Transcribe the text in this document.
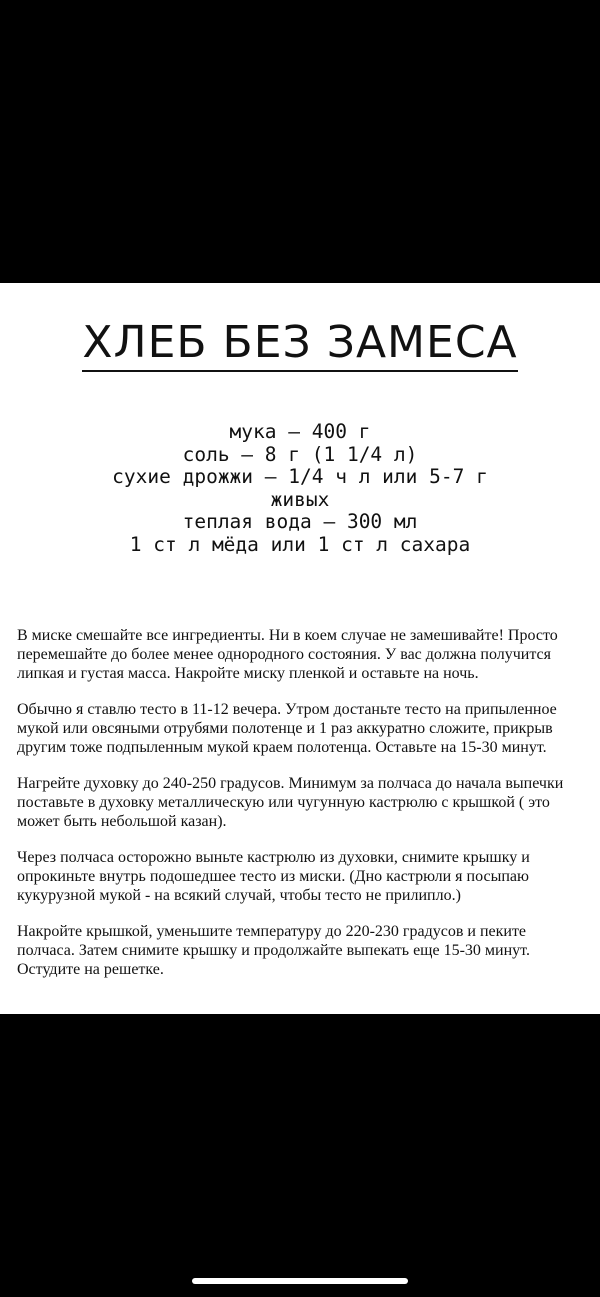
ХЛЕБ БЕЗ ЗАМЕСА
мука – 400 г
соль – 8 г (1 1/4 л)
сухие дрожжи – 1/4 ч л или 5-7 г живых
теплая вода – 300 мл
1 ст л мёда или 1 ст л сахара

В миске смешайте все ингредиенты. Ни в коем случае не замешивайте! Просто перемешайте до более менее однородного состояния. У вас должна получится липкая и густая масса. Накройте миску пленкой и оставьте на ночь.

Обычно я ставлю тесто в 11-12 вечера. Утром достаньте тесто на припыленное мукой или овсяными отрубями полотенце и 1 раз аккуратно сложите, прикрыв другим тоже подпыленным мукой краем полотенца. Оставьте на 15-30 минут.

Нагрейте духовку до 240-250 градусов. Минимум за полчаса до начала выпечки поставьте в духовку металлическую или чугунную кастрюлю с крышкой ( это может быть небольшой казан).

Через полчаса осторожно выньте кастрюлю из духовки, снимите крышку и опрокиньте внутрь подошедшее тесто из миски. (Дно кастрюли я посыпаю кукурузной мукой - на всякий случай, чтобы тесто не прилипло.)

Накройте крышкой, уменьшите температуру до 220-230 градусов и пеките полчаса. Затем снимите крышку и продолжайте выпекать еще 15-30 минут. Остудите на решетке.
